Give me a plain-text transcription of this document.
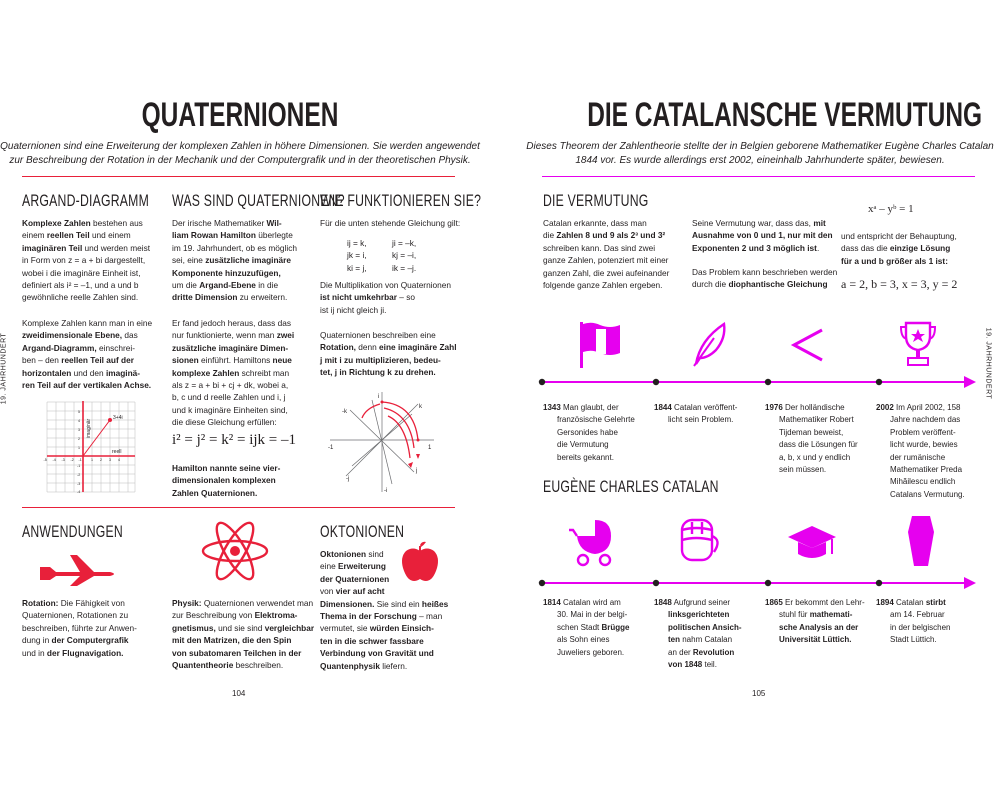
QUATERNIONEN
Quaternionen sind eine Erweiterung der komplexen Zahlen in höhere Dimensionen. Sie werden angewendet
zur Beschreibung der Rotation in der Mechanik und der Computergrafik und in der theoretischen Physik.
ARGAND-DIAGRAMM
Komplexe Zahlen bestehen aus
einem reellen Teil und einem
imaginären Teil und werden meist
in Form von z = a + bi dargestellt,
wobei i die imaginäre Einheit ist,
definiert als i² = –1, und a und b
gewöhnliche reelle Zahlen sind.
Komplexe Zahlen kann man in eine
zweidimensionale Ebene, das
Argand-Diagramm, einschrei-
ben – den reellen Teil auf der
horizontalen und den imaginä-
ren Teil auf der vertikalen Achse.
3+4i
reell
imaginär
-5 -4 -3 -2 -1	1 2 3 4
5
4
3
2
1
-1
-2
-3
-4
WAS SIND QUATERNIONEN?
Der irische Mathematiker Wil-
liam Rowan Hamilton überlegte
im 19. Jahrhundert, ob es möglich
sei, eine zusätzliche imaginäre
Komponente hinzuzufügen,
um die Argand-Ebene in die
dritte Dimension zu erweitern.
Er fand jedoch heraus, dass das
nur funktionierte, wenn man zwei
zusätzliche imaginäre Dimen-
sionen einführt. Hamiltons neue
komplexe Zahlen schreibt man
als z = a + bi + cj + dk, wobei a,
b, c und d reelle Zahlen und i, j
und k imaginäre Einheiten sind,
die diese Gleichung erfüllen:
i² = j² = k² = ijk = –1
Hamilton nannte seine vier-
dimensionalen komplexen
Zahlen Quaternionen.
WIE FUNKTIONIEREN SIE?
Für die unten stehende Gleichung gilt:
ij = k,	ji = –k,
jk = i,	kj = –i,
ki = j,	ik = –j.
Die Multiplikation von Quaternionen
ist nicht umkehrbar – so
ist ij nicht gleich ji.
Quaternionen beschreiben eine
Rotation, denn eine imaginäre Zahl
j mit i zu multiplizieren, bedeu-
tet, j in Richtung k zu drehen.
-1	1
i
-i
j
-j
k
-k
ANWENDUNGEN
Rotation: Die Fähigkeit von
Quaternionen, Rotationen zu
beschreiben, führte zur Anwen-
dung in der Computergrafik
und in der Flugnavigation.
Physik: Quaternionen verwendet man
zur Beschreibung von Elektroma-
gnetismus, und sie sind vergleichbar
mit den Matrizen, die den Spin
von subatomaren Teilchen in der
Quantentheorie beschreiben.
OKTONIONEN
Oktonionen sind
eine Erweiterung
der Quaternionen
von vier auf acht
Dimensionen. Sie sind ein heißes
Thema in der Forschung – man
vermutet, sie würden Einsich-
ten in die schwer fassbare
Verbindung von Gravität und
Quantenphysik liefern.
104
19. JAHRHUNDERT
DIE CATALANSCHE VERMUTUNG
Dieses Theorem der Zahlentheorie stellte der in Belgien geborene Mathematiker Eugène Charles Catalan
1844 vor. Es wurde allerdings erst 2002, eineinhalb Jahrhunderte später, bewiesen.
DIE VERMUTUNG
Catalan erkannte, dass man
die Zahlen 8 und 9 als 2³ und 3²
schreiben kann. Das sind zwei
ganze Zahlen, potenziert mit einer
ganzen Zahl, die zwei aufeinander
folgende ganze Zahlen ergeben.
Seine Vermutung war, dass das, mit
Ausnahme von 0 und 1, nur mit den
Exponenten 2 und 3 möglich ist.
Das Problem kann beschrieben werden
durch die diophantische Gleichung
xᵃ – yᵇ = 1
und entspricht der Behauptung,
dass das die einzige Lösung
für a und b größer als 1 ist:
a = 2, b = 3, x = 3, y = 2
1343 Man glaubt, der
französische Gelehrte
Gersonides habe
die Vermutung
bereits gekannt.
1844 Catalan veröffent-
licht sein Problem.
1976 Der holländische
Mathematiker Robert
Tijdeman beweist,
dass die Lösungen für
a, b, x und y endlich
sein müssen.
2002 Im April 2002, 158
Jahre nachdem das
Problem veröffent-
licht wurde, bewies
der rumänische
Mathematiker Preda
Mihăilescu endlich
Catalans Vermutung.
EUGÈNE CHARLES CATALAN
1814 Catalan wird am
30. Mai in der belgi-
schen Stadt Brügge
als Sohn eines
Juweliers geboren.
1848 Aufgrund seiner
linksgerichteten
politischen Ansich-
ten nahm Catalan
an der Revolution
von 1848 teil.
1865 Er bekommt den Lehr-
stuhl für mathemati-
sche Analysis an der
Universität Lüttich.
1894 Catalan stirbt
am 14. Februar
in der belgischen
Stadt Lüttich.
105
19. JAHRHUNDERT
